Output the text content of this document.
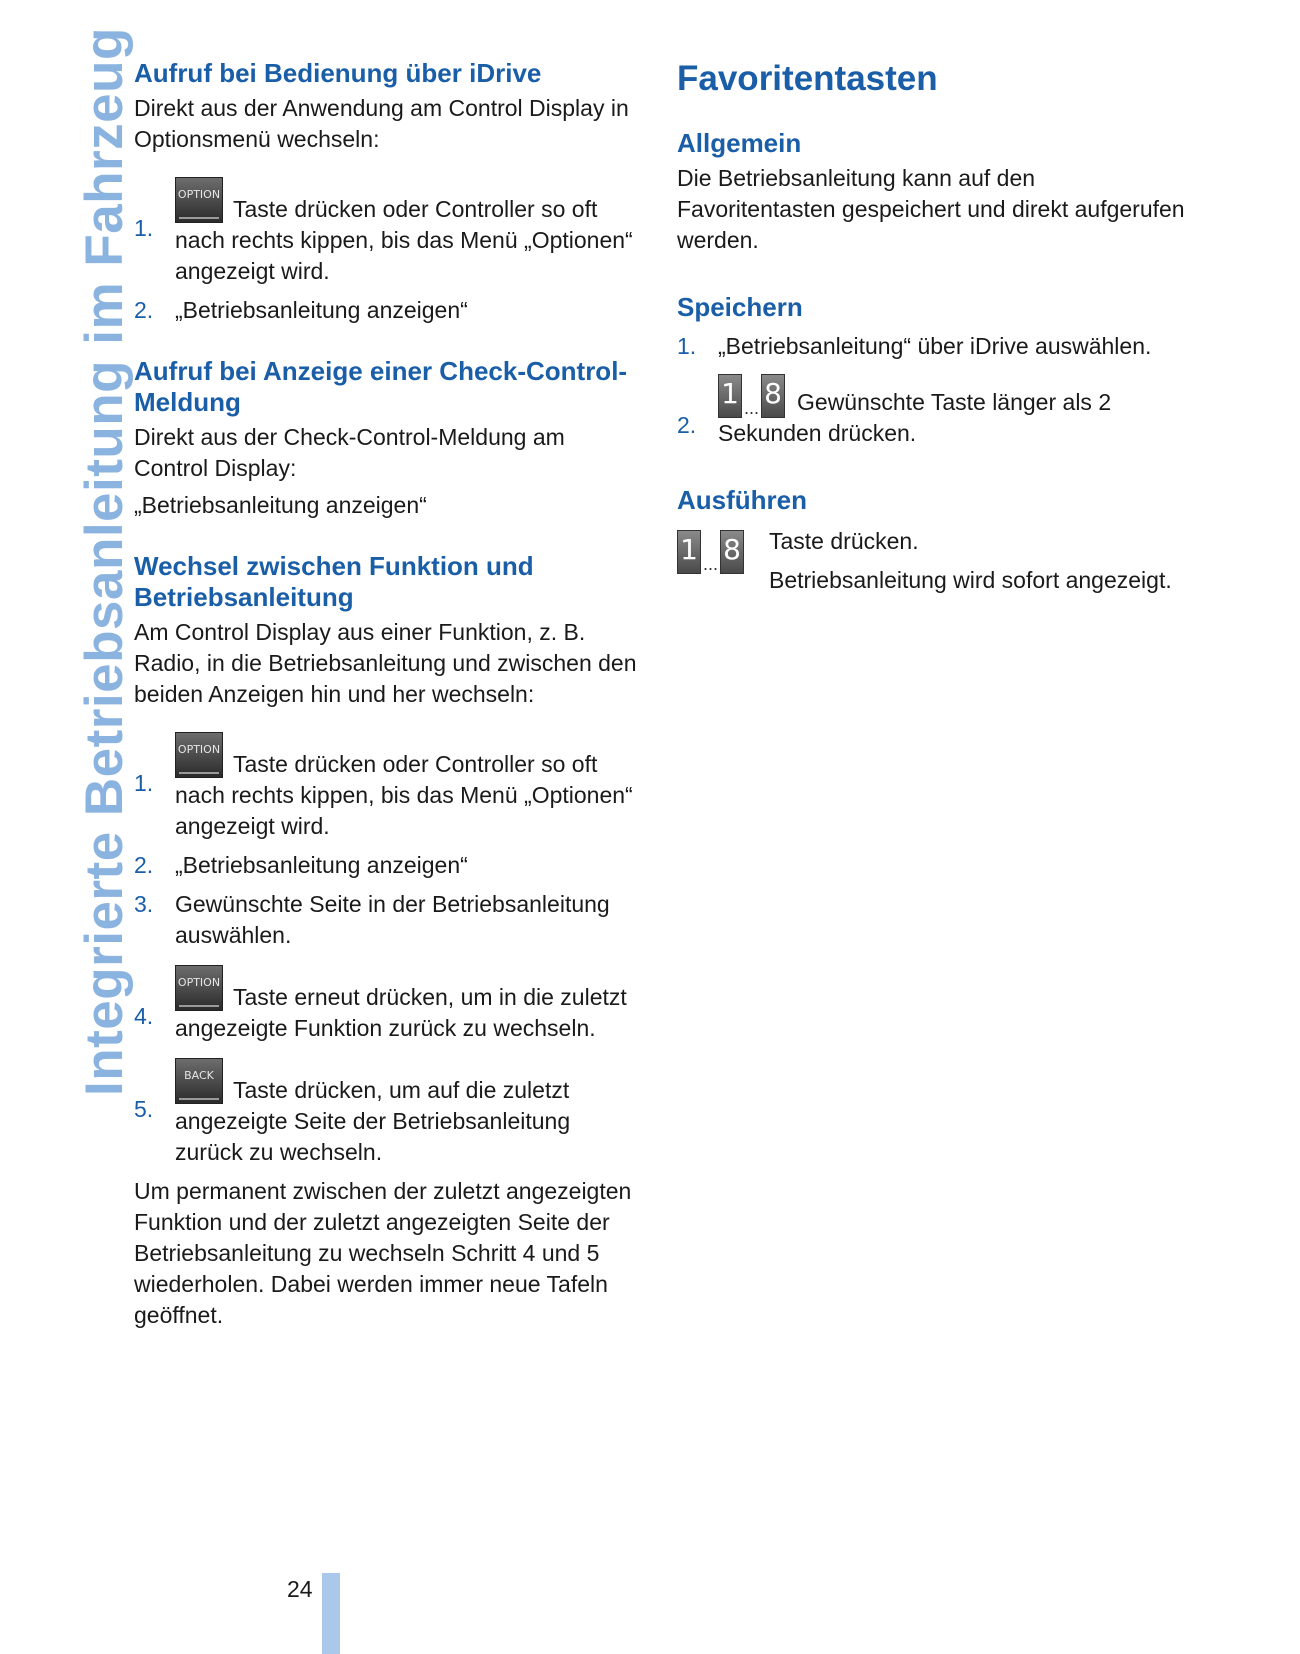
Integrierte Betriebsanleitung im Fahrzeug Aufruf bei Bedienung über iDrive

Direkt aus der Anwendung am Control Display in Optionsmenü wechseln:

1.
OPTIONTaste drücken oder Controller so oft nach rechts kippen, bis das Menü „Optionen“ angezeigt wird.
2. „Betriebsanleitung anzeigen“
Aufruf bei Anzeige einer Check-Control-Meldung

Direkt aus der Check-Control-Meldung am Control Display:

„Betriebsanleitung anzeigen“

Wechsel zwischen Funktion und Betriebsanleitung

Am Control Display aus einer Funktion, z. B. Radio, in die Betriebsanleitung und zwischen den beiden Anzeigen hin und her wechseln:

1.
OPTIONTaste drücken oder Controller so oft nach rechts kippen, bis das Menü „Optionen“ angezeigt wird.
2. „Betriebsanleitung anzeigen“
3. Gewünschte Seite in der Betriebsanleitung auswählen.
4.
OPTIONTaste erneut drücken, um in die zuletzt angezeigte Funktion zurück zu wechseln.
5.
BACKTaste drücken, um auf die zuletzt angezeigte Seite der Betriebsanleitung zurück zu wechseln.

Um permanent zwischen der zuletzt angezeigten Funktion und der zuletzt angezeigten Seite der Betriebsanleitung zu wechseln Schritt 4 und 5 wiederholen. Dabei werden immer neue Tafeln geöffnet.

Favoritentasten
Allgemein

Die Betriebsanleitung kann auf den Favoritentasten gespeichert und direkt aufgerufen werden.

Speichern
1. „Betriebsanleitung“ über iDrive auswählen.
2.
1 ... 8 Gewünschte Taste länger als 2 Sekunden drücken.
Ausführen
1 ... 8 Taste drücken.
Betriebsanleitung wird sofort angezeigt.
24
